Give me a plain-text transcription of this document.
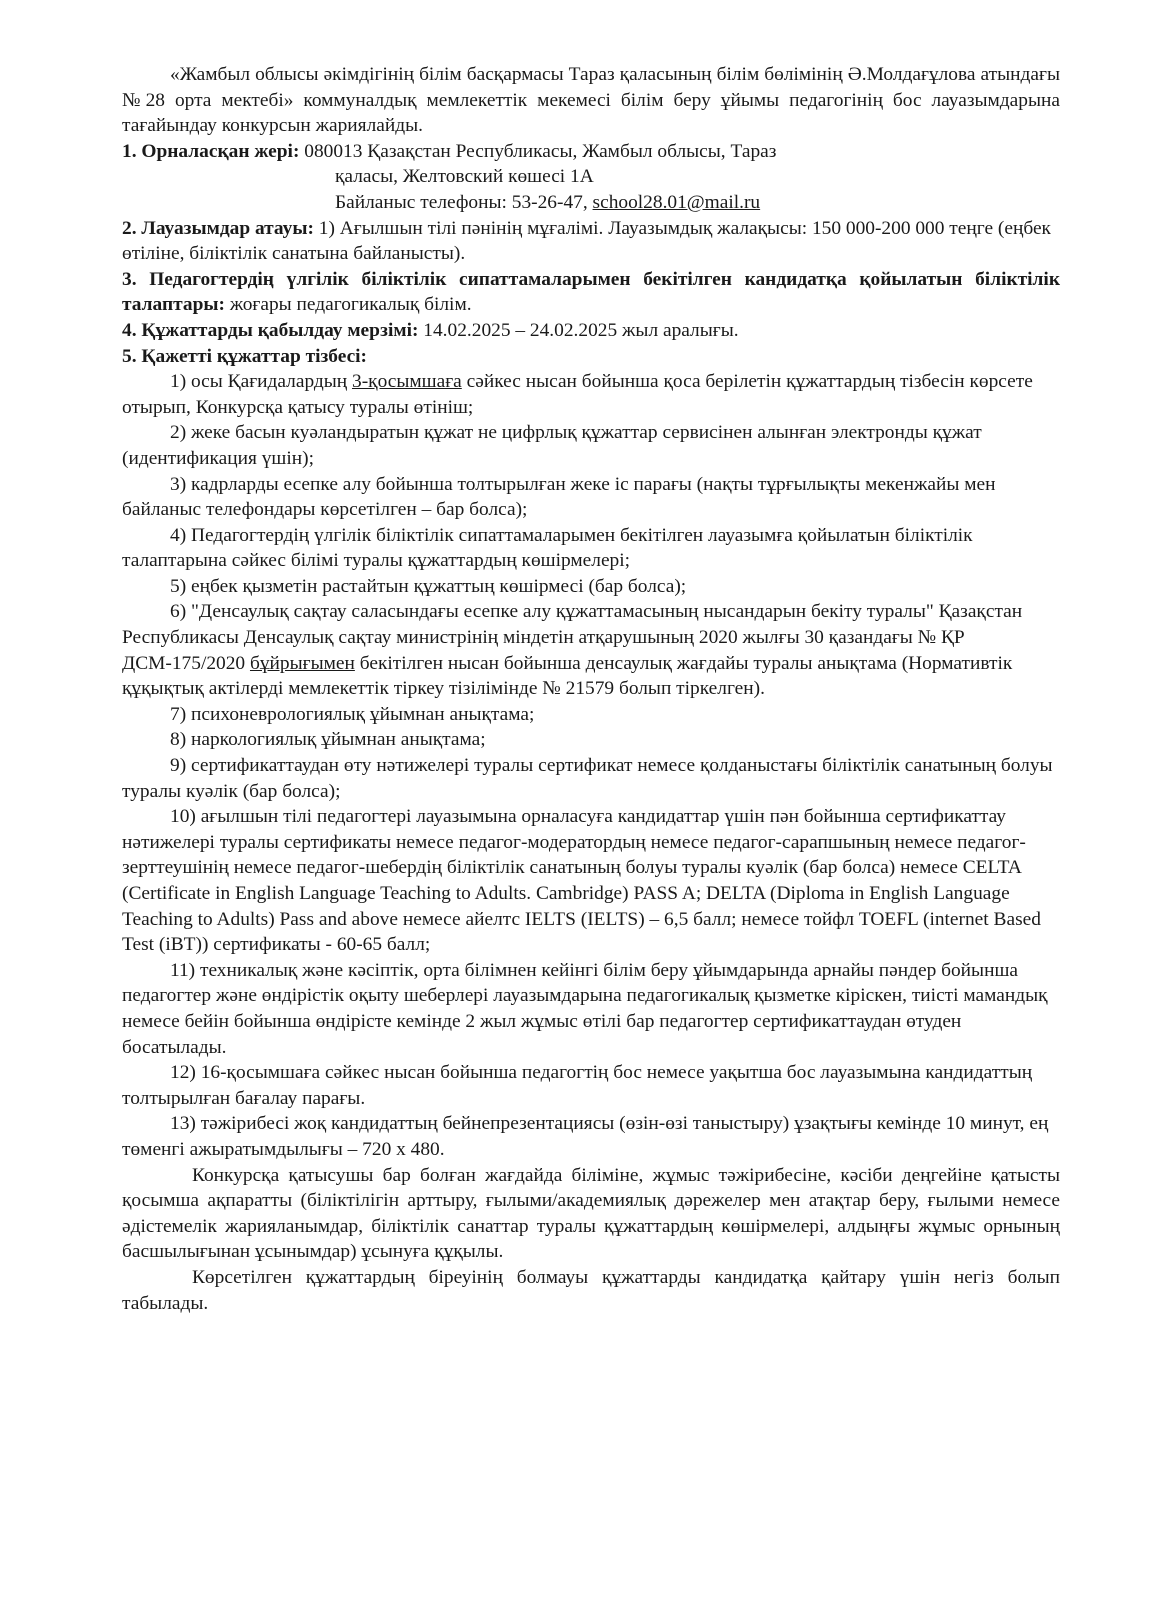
«Жамбыл облысы әкімдігінің білім басқармасы Тараз қаласының білім бөлімінің Ә.Молдағұлова атындағы №28 орта мектебі» коммуналдық мемлекеттік мекемесі білім беру ұйымы педагогінің бос лауазымдарына тағайындау конкурсын жариялайды.

1. Орналасқан жері: 080013 Қазақстан Республикасы, Жамбыл облысы, Тараз

қаласы, Желтовский көшесі 1А

Байланыс телефоны: 53-26-47, school28.01@mail.ru

2. Лауазымдар атауы: 1) Ағылшын тілі пәнінің мұғалімі. Лауазымдық жалақысы: 150 000-200 000 теңге (еңбек өтіліне, біліктілік санатына байланысты).

3. Педагогтердің үлгілік біліктілік сипаттамаларымен бекітілген кандидатқа қойылатын біліктілік талаптары: жоғары педагогикалық білім.

4. Құжаттарды қабылдау мерзімі: 14.02.2025 – 24.02.2025 жыл аралығы.

5. Қажетті құжаттар тізбесі:

1) осы Қағидалардың 3-қосымшаға сәйкес нысан бойынша қоса берілетін құжаттардың тізбесін көрсете отырып, Конкурсқа қатысу туралы өтініш;

2) жеке басын куәландыратын құжат не цифрлық құжаттар сервисінен алынған электронды құжат (идентификация үшін);

3) кадрларды есепке алу бойынша толтырылған жеке іс парағы (нақты тұрғылықты мекенжайы мен байланыс телефондары көрсетілген – бар болса);

4) Педагогтердің үлгілік біліктілік сипаттамаларымен бекітілген лауазымға қойылатын біліктілік талаптарына сәйкес білімі туралы құжаттардың көшірмелері;

5) еңбек қызметін растайтын құжаттың көшірмесі (бар болса);

6) "Денсаулық сақтау саласындағы есепке алу құжаттамасының нысандарын бекіту туралы" Қазақстан Республикасы Денсаулық сақтау министрінің міндетін атқарушының 2020 жылғы 30 қазандағы № ҚР ДСМ-175/2020 бұйрығымен бекітілген нысан бойынша денсаулық жағдайы туралы анықтама (Нормативтік құқықтық актілерді мемлекеттік тіркеу тізілімінде № 21579 болып тіркелген).

7) психоневрологиялық ұйымнан анықтама;

8) наркологиялық ұйымнан анықтама;

9) сертификаттаудан өту нәтижелері туралы сертификат немесе қолданыстағы біліктілік санатының болуы туралы куәлік (бар болса);

10) ағылшын тілі педагогтері лауазымына орналасуға кандидаттар үшін пән бойынша сертификаттау нәтижелері туралы сертификаты немесе педагог-модератордың немесе педагог-сарапшының немесе педагог-зерттеушінің немесе педагог-шебердің біліктілік санатының болуы туралы куәлік (бар болса) немесе CELTA (Certificate in English Language Teaching to Adults. Cambridge) PASS A; DELTA (Diploma in English Language Teaching to Adults) Pass and above немесе айелтс IELTS (IELTS) – 6,5 балл; немесе тойфл TOEFL (internet Based Test (iBT)) сертификаты - 60-65 балл;

11) техникалық және кәсіптік, орта білімнен кейінгі білім беру ұйымдарында арнайы пәндер бойынша педагогтер және өндірістік оқыту шеберлері лауазымдарына педагогикалық қызметке кіріскен, тиісті мамандық немесе бейін бойынша өндірісте кемінде 2 жыл жұмыс өтілі бар педагогтер сертификаттаудан өтуден босатылады.

12) 16-қосымшаға сәйкес нысан бойынша педагогтің бос немесе уақытша бос лауазымына кандидаттың толтырылған бағалау парағы.

13) тәжірибесі жоқ кандидаттың бейнепрезентациясы (өзін-өзі таныстыру) ұзақтығы кемінде 10 минут, ең төменгі ажыратымдылығы – 720 х 480.

Конкурсқа қатысушы бар болған жағдайда біліміне, жұмыс тәжірибесіне, кәсіби деңгейіне қатысты қосымша ақпаратты (біліктілігін арттыру, ғылыми/академиялық дәрежелер мен атақтар беру, ғылыми немесе әдістемелік жарияланымдар, біліктілік санаттар туралы құжаттардың көшірмелері, алдыңғы жұмыс орнының басшылығынан ұсынымдар) ұсынуға құқылы.

Көрсетілген құжаттардың біреуінің болмауы құжаттарды кандидатқа қайтару үшін негіз болып табылады.
